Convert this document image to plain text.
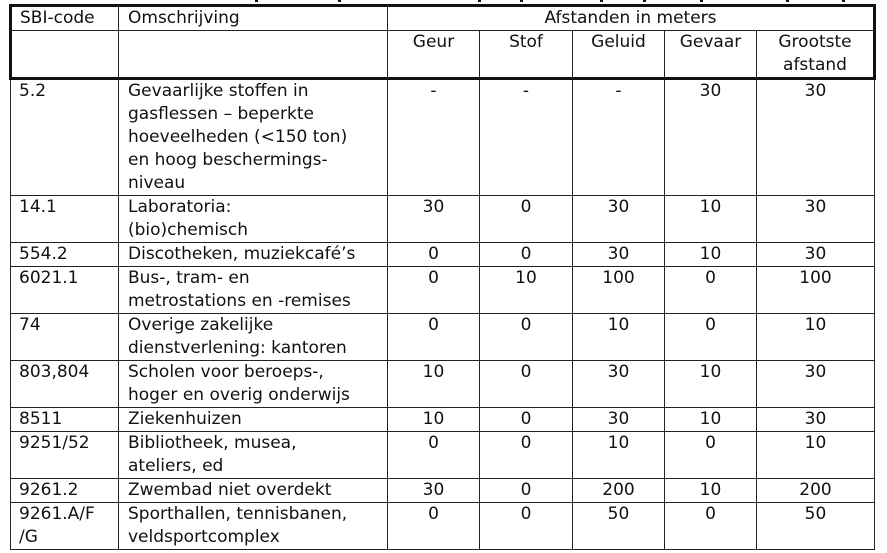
SBI-code	Omschrijving	Afstanden in meters				
		Geur	Stof	Geluid	Gevaar	Grootste
afstand
5.2	Gevaarlijke stoffen in
gasflessen – beperkte
hoeveelheden (<150 ton)
en hoog beschermings-
niveau	-	-	-	30	30
14.1	Laboratoria:
(bio)chemisch	30	0	30	10	30
554.2	Discotheken, muziekcafé’s	0	0	30	10	30
6021.1	Bus-, tram- en
metrostations en -remises	0	10	100	0	100
74	Overige zakelijke
dienstverlening: kantoren	0	0	10	0	10
803,804	Scholen voor beroeps-,
hoger en overig onderwijs	10	0	30	10	30
8511	Ziekenhuizen	10	0	30	10	30
9251/52	Bibliotheek, musea,
ateliers, ed	0	0	10	0	10
9261.2	Zwembad niet overdekt	30	0	200	10	200
9261.A/F
/G	Sporthallen, tennisbanen,
veldsportcomplex	0	0	50	0	50
